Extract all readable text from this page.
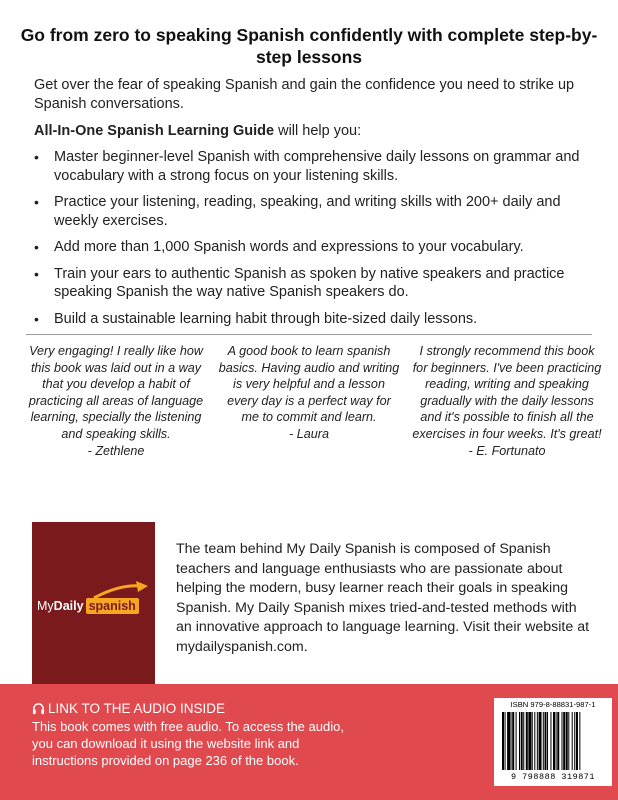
Go from zero to speaking Spanish confidently with complete step-by-step lessons

Get over the fear of speaking Spanish and gain the confidence you need to strike up Spanish conversations.

All-In-One Spanish Learning Guide will help you:

• Master beginner-level Spanish with comprehensive daily lessons on grammar and vocabulary with a strong focus on your listening skills.
• Practice your listening, reading, speaking, and writing skills with 200+ daily and weekly exercises.
• Add more than 1,000 Spanish words and expressions to your vocabulary.
• Train your ears to authentic Spanish as spoken by native speakers and practice speaking Spanish the way native Spanish speakers do.
• Build a sustainable learning habit through bite-sized daily lessons.
Very engaging! I really like how this book was laid out in a way that you develop a habit of practicing all areas of language learning, specially the listening and speaking skills.
- Zethlene
A good book to learn spanish basics. Having audio and writing is very helpful and a lesson every day is a perfect way for me to commit and learn.
- Laura
I strongly recommend this book for beginners. I've been practicing reading, writing and speaking gradually with the daily lessons and it's possible to finish all the exercises in four weeks. It's great!
- E. Fortunato
MyDaily spanish

The team behind My Daily Spanish is composed of Spanish teachers and language enthusiasts who are passionate about helping the modern, busy learner reach their goals in speaking Spanish. My Daily Spanish mixes tried-and-tested methods with an innovative approach to language learning. Visit their website at mydailyspanish.com.

LINK TO THE AUDIO INSIDE

This book comes with free audio. To access the audio, you can download it using the website link and instructions provided on page 236 of the book.

ISBN 979-8-88831-987-1
9 798888 319871
